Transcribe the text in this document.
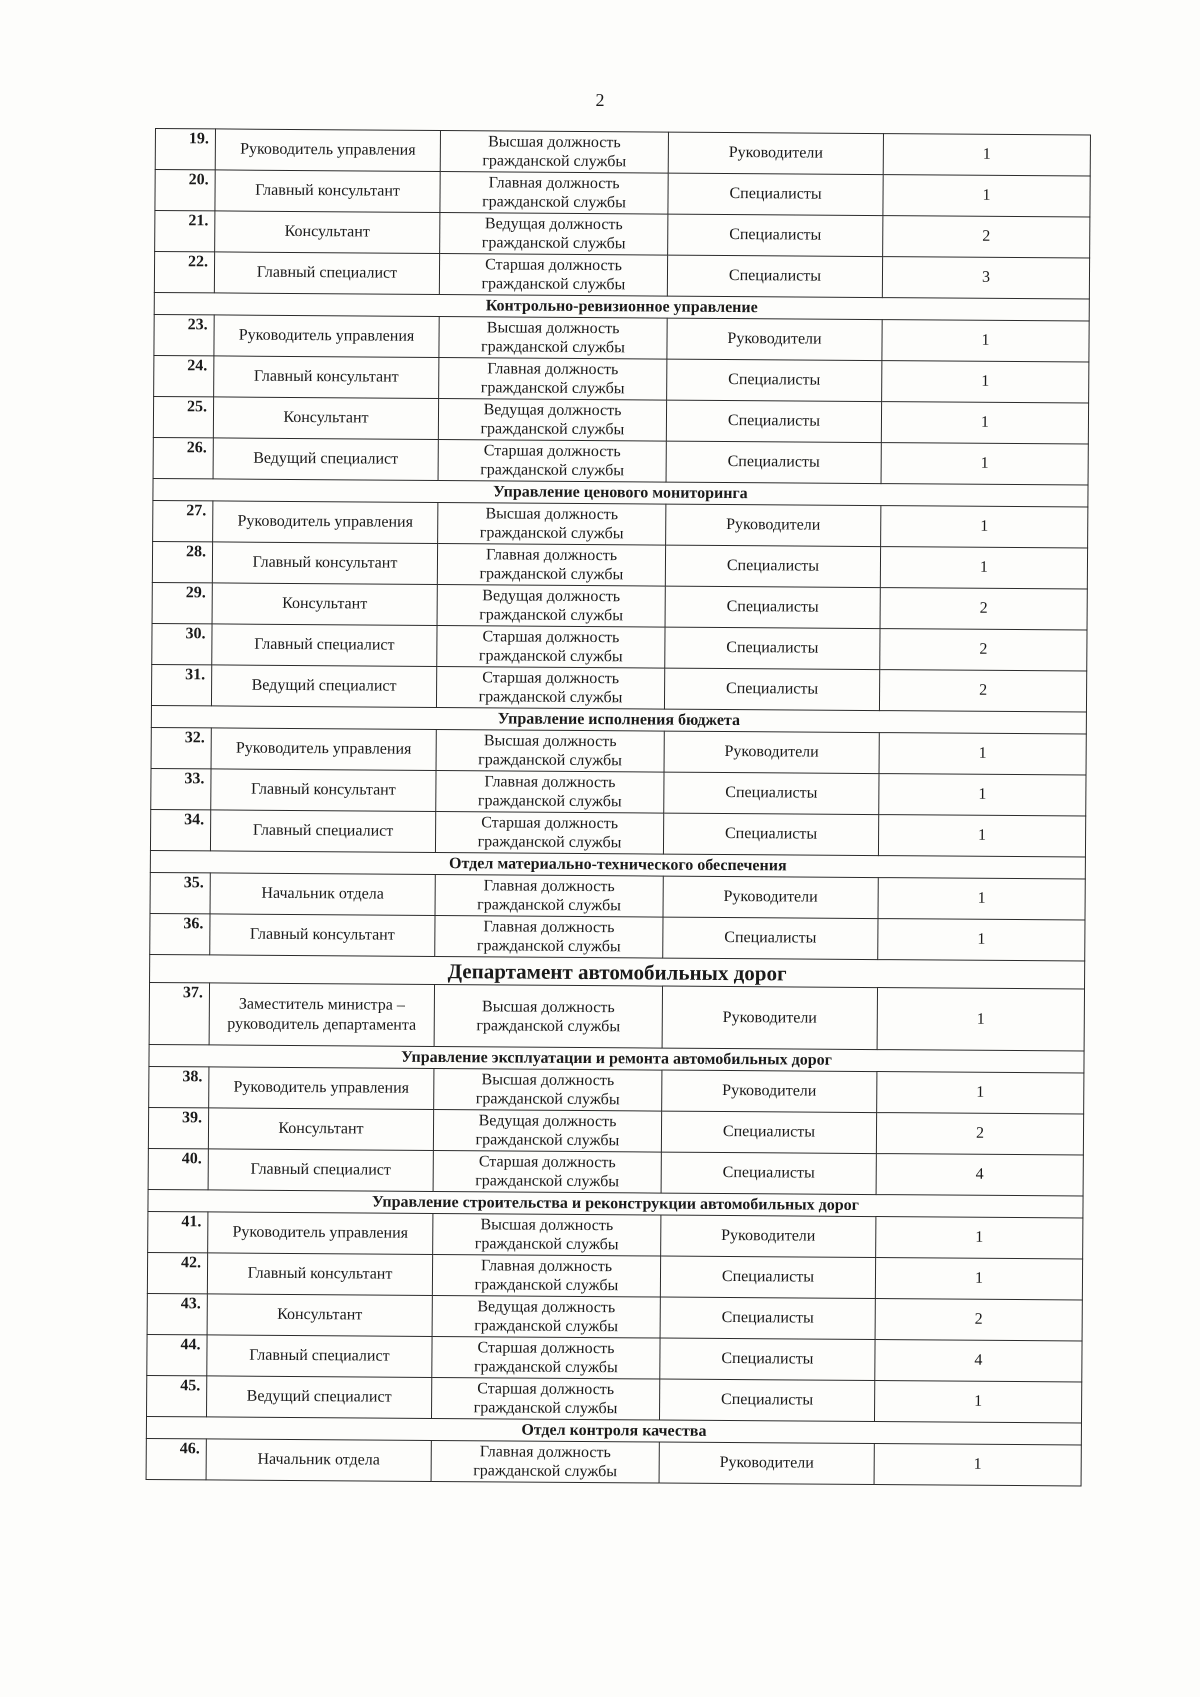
2
19.	Руководитель управления	Высшая должность гражданской службы	Руководители	1
20.	Главный консультант	Главная должность гражданской службы	Специалисты	1
21.	Консультант	Ведущая должность гражданской службы	Специалисты	2
22.	Главный специалист	Старшая должность гражданской службы	Специалисты	3
Контрольно-ревизионное управление				
23.	Руководитель управления	Высшая должность гражданской службы	Руководители	1
24.	Главный консультант	Главная должность гражданской службы	Специалисты	1
25.	Консультант	Ведущая должность гражданской службы	Специалисты	1
26.	Ведущий специалист	Старшая должность гражданской службы	Специалисты	1
Управление ценового мониторинга				
27.	Руководитель управления	Высшая должность гражданской службы	Руководители	1
28.	Главный консультант	Главная должность гражданской службы	Специалисты	1
29.	Консультант	Ведущая должность гражданской службы	Специалисты	2
30.	Главный специалист	Старшая должность гражданской службы	Специалисты	2
31.	Ведущий специалист	Старшая должность гражданской службы	Специалисты	2
Управление исполнения бюджета				
32.	Руководитель управления	Высшая должность гражданской службы	Руководители	1
33.	Главный консультант	Главная должность гражданской службы	Специалисты	1
34.	Главный специалист	Старшая должность гражданской службы	Специалисты	1
Отдел материально-технического обеспечения				
35.	Начальник отдела	Главная должность гражданской службы	Руководители	1
36.	Главный консультант	Главная должность гражданской службы	Специалисты	1
Департамент автомобильных дорог				
37.	Заместитель министра – руководитель департамента	Высшая должность гражданской службы	Руководители	1
Управление эксплуатации и ремонта автомобильных дорог				
38.	Руководитель управления	Высшая должность гражданской службы	Руководители	1
39.	Консультант	Ведущая должность гражданской службы	Специалисты	2
40.	Главный специалист	Старшая должность гражданской службы	Специалисты	4
Управление строительства и реконструкции автомобильных дорог				
41.	Руководитель управления	Высшая должность гражданской службы	Руководители	1
42.	Главный консультант	Главная должность гражданской службы	Специалисты	1
43.	Консультант	Ведущая должность гражданской службы	Специалисты	2
44.	Главный специалист	Старшая должность гражданской службы	Специалисты	4
45.	Ведущий специалист	Старшая должность гражданской службы	Специалисты	1
Отдел контроля качества				
46.	Начальник отдела	Главная должность гражданской службы	Руководители	1
